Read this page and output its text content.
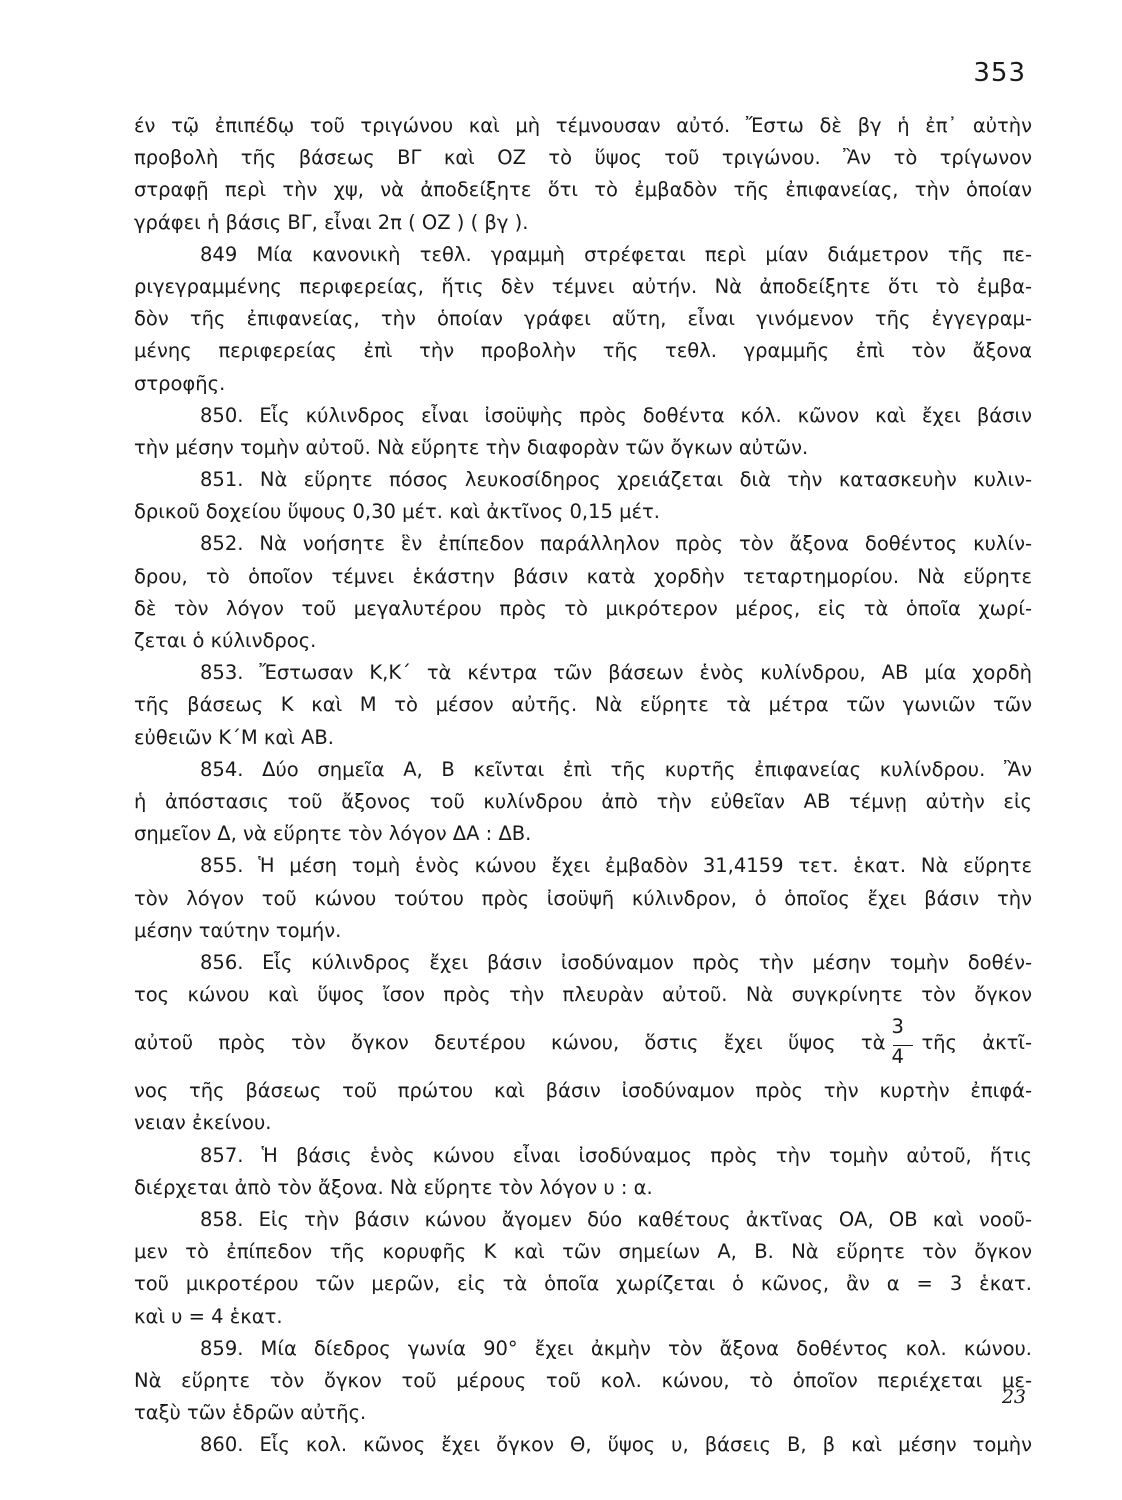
353
έν τῷ ἐπιπέδῳ τοῦ τριγώνου καὶ μὴ τέμνουσαν αὐτό. Ἔστω δὲ βγ ἡ ἐπ᾽ αὐτὴν
προβολὴ τῆς βάσεως ΒΓ καὶ ΟΖ τὸ ὕψος τοῦ τριγώνου. Ἂν τὸ τρίγωνον
στραφῇ περὶ τὴν χψ, νὰ ἀποδείξητε ὅτι τὸ ἐμβαδὸν τῆς ἐπιφανείας, τὴν ὁποίαν
γράφει ἡ βάσις ΒΓ, εἶναι 2π ( ΟΖ ) ( βγ ).
849 Μία κανονικὴ τεθλ. γραμμὴ στρέφεται περὶ μίαν διάμετρον τῆς πε-
ριγεγραμμένης περιφερείας, ἥτις δὲν τέμνει αὐτήν. Νὰ ἀποδείξητε ὅτι τὸ ἐμβα-
δὸν τῆς ἐπιφανείας, τὴν ὁποίαν γράφει αὕτη, εἶναι γινόμενον τῆς ἐγγεγραμ-
μένης περιφερείας ἐπὶ τὴν προβολὴν τῆς τεθλ. γραμμῆς ἐπὶ τὸν ἄξονα
στροφῆς.
850. Εἷς κύλινδρος εἶναι ἰσοϋψὴς πρὸς δοθέντα κόλ. κῶνον καὶ ἔχει βάσιν
τὴν μέσην τομὴν αὐτοῦ. Νὰ εὕρητε τὴν διαφορὰν τῶν ὄγκων αὐτῶν.
851. Νὰ εὕρητε πόσος λευκοσίδηρος χρειάζεται διὰ τὴν κατασκευὴν κυλιν-
δρικοῦ δοχείου ὕψους 0,30 μέτ. καὶ ἀκτῖνος 0,15 μέτ.
852. Νὰ νοήσητε ἓν ἐπίπεδον παράλληλον πρὸς τὸν ἄξονα δοθέντος κυλίν-
δρου, τὸ ὁποῖον τέμνει ἑκάστην βάσιν κατὰ χορδὴν τεταρτημορίου. Νὰ εὕρητε
δὲ τὸν λόγον τοῦ μεγαλυτέρου πρὸς τὸ μικρότερον μέρος, εἰς τὰ ὁποῖα χωρί-
ζεται ὁ κύλινδρος.
853. Ἔστωσαν Κ,Κ΄ τὰ κέντρα τῶν βάσεων ἑνὸς κυλίνδρου, ΑΒ μία χορδὴ
τῆς βάσεως Κ καὶ Μ τὸ μέσον αὐτῆς. Νὰ εὕρητε τὰ μέτρα τῶν γωνιῶν τῶν
εὐθειῶν Κ΄Μ καὶ ΑΒ.
854. Δύο σημεῖα Α, Β κεῖνται ἐπὶ τῆς κυρτῆς ἐπιφανείας κυλίνδρου. Ἂν
ἡ ἀπόστασις τοῦ ἄξονος τοῦ κυλίνδρου ἀπὸ τὴν εὐθεῖαν ΑΒ τέμνῃ αὐτὴν εἰς
σημεῖον Δ, νὰ εὕρητε τὸν λόγον ΔΑ : ΔΒ.
855. Ἡ μέση τομὴ ἑνὸς κώνου ἔχει ἐμβαδὸν 31,4159 τετ. ἑκατ. Νὰ εὕρητε
τὸν λόγον τοῦ κώνου τούτου πρὸς ἰσοϋψῆ κύλινδρον, ὁ ὁποῖος ἔχει βάσιν τὴν
μέσην ταύτην τομήν.
856. Εἷς κύλινδρος ἔχει βάσιν ἰσοδύναμον πρὸς τὴν μέσην τομὴν δοθέν-
τος κώνου καὶ ὕψος ἴσον πρὸς τὴν πλευρὰν αὐτοῦ. Νὰ συγκρίνητε τὸν ὄγκον
αὐτοῦ πρὸς τὸν ὄγκον δευτέρου κώνου, ὅστις ἔχει ὕψος τὰ $\frac{3}{4}$ τῆς ἀκτῖ-
νος τῆς βάσεως τοῦ πρώτου καὶ βάσιν ἰσοδύναμον πρὸς τὴν κυρτὴν ἐπιφά-
νειαν ἐκείνου.
857. Ἡ βάσις ἑνὸς κώνου εἶναι ἰσοδύναμος πρὸς τὴν τομὴν αὐτοῦ, ἥτις
διέρχεται ἀπὸ τὸν ἄξονα. Νὰ εὕρητε τὸν λόγον υ : α.
858. Εἰς τὴν βάσιν κώνου ἄγομεν δύο καθέτους ἀκτῖνας ΟΑ, ΟΒ καὶ νοοῦ-
μεν τὸ ἐπίπεδον τῆς κορυφῆς Κ καὶ τῶν σημείων Α, Β. Νὰ εὕρητε τὸν ὄγκον
τοῦ μικροτέρου τῶν μερῶν, εἰς τὰ ὁποῖα χωρίζεται ὁ κῶνος, ἂν α = 3 ἑκατ.
καὶ υ = 4 ἑκατ.
859. Μία δίεδρος γωνία 90° ἔχει ἀκμὴν τὸν ἄξονα δοθέντος κολ. κώνου.
Νὰ εὕρητε τὸν ὄγκον τοῦ μέρους τοῦ κολ. κώνου, τὸ ὁποῖον περιέχεται με-
ταξὺ τῶν ἑδρῶν αὐτῆς.
860. Εἷς κολ. κῶνος ἔχει ὄγκον Θ, ὕψος υ, βάσεις Β, β καὶ μέσην τομὴν
23
